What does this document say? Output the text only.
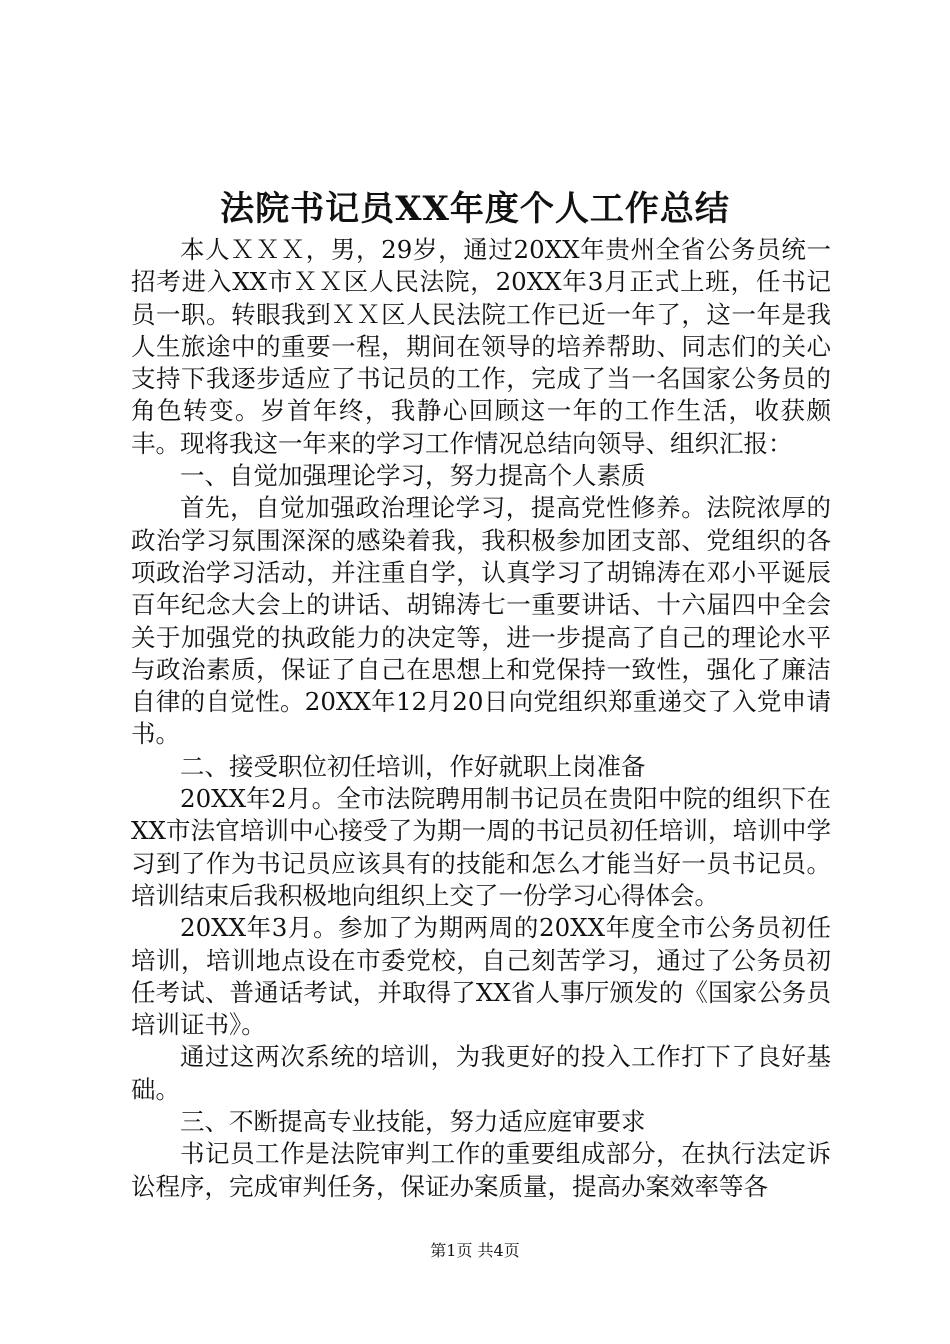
法院书记员XX年度个人工作总结

本人ＸＸＸ，男，29岁，通过20XX年贵州全省公务员统一招考进入XX市ＸＸ区人民法院，20XX年3月正式上班，任书记员一职。转眼我到ＸＸ区人民法院工作已近一年了，这一年是我人生旅途中的重要一程，期间在领导的培养帮助、同志们的关心支持下我逐步适应了书记员的工作，完成了当一名国家公务员的角色转变。岁首年终，我静心回顾这一年的工作生活，收获颇丰。现将我这一年来的学习工作情况总结向领导、组织汇报：

一、自觉加强理论学习，努力提高个人素质

首先，自觉加强政治理论学习，提高党性修养。法院浓厚的政治学习氛围深深的感染着我，我积极参加团支部、党组织的各项政治学习活动，并注重自学，认真学习了胡锦涛在邓小平诞辰百年纪念大会上的讲话、胡锦涛七一重要讲话、十六届四中全会关于加强党的执政能力的决定等，进一步提高了自己的理论水平与政治素质，保证了自己在思想上和党保持一致性，强化了廉洁自律的自觉性。20XX年12月20日向党组织郑重递交了入党申请书。

二、接受职位初任培训，作好就职上岗准备

20XX年2月。全市法院聘用制书记员在贵阳中院的组织下在XX市法官培训中心接受了为期一周的书记员初任培训，培训中学习到了作为书记员应该具有的技能和怎么才能当好一员书记员。培训结束后我积极地向组织上交了一份学习心得体会。

20XX年3月。参加了为期两周的20XX年度全市公务员初任培训，培训地点设在市委党校，自己刻苦学习，通过了公务员初任考试、普通话考试，并取得了XX省人事厅颁发的《国家公务员培训证书》。

通过这两次系统的培训，为我更好的投入工作打下了良好基础。

三、不断提高专业技能，努力适应庭审要求

书记员工作是法院审判工作的重要组成部分，在执行法定诉讼程序，完成审判任务，保证办案质量，提高办案效率等各

第1页 共4页
